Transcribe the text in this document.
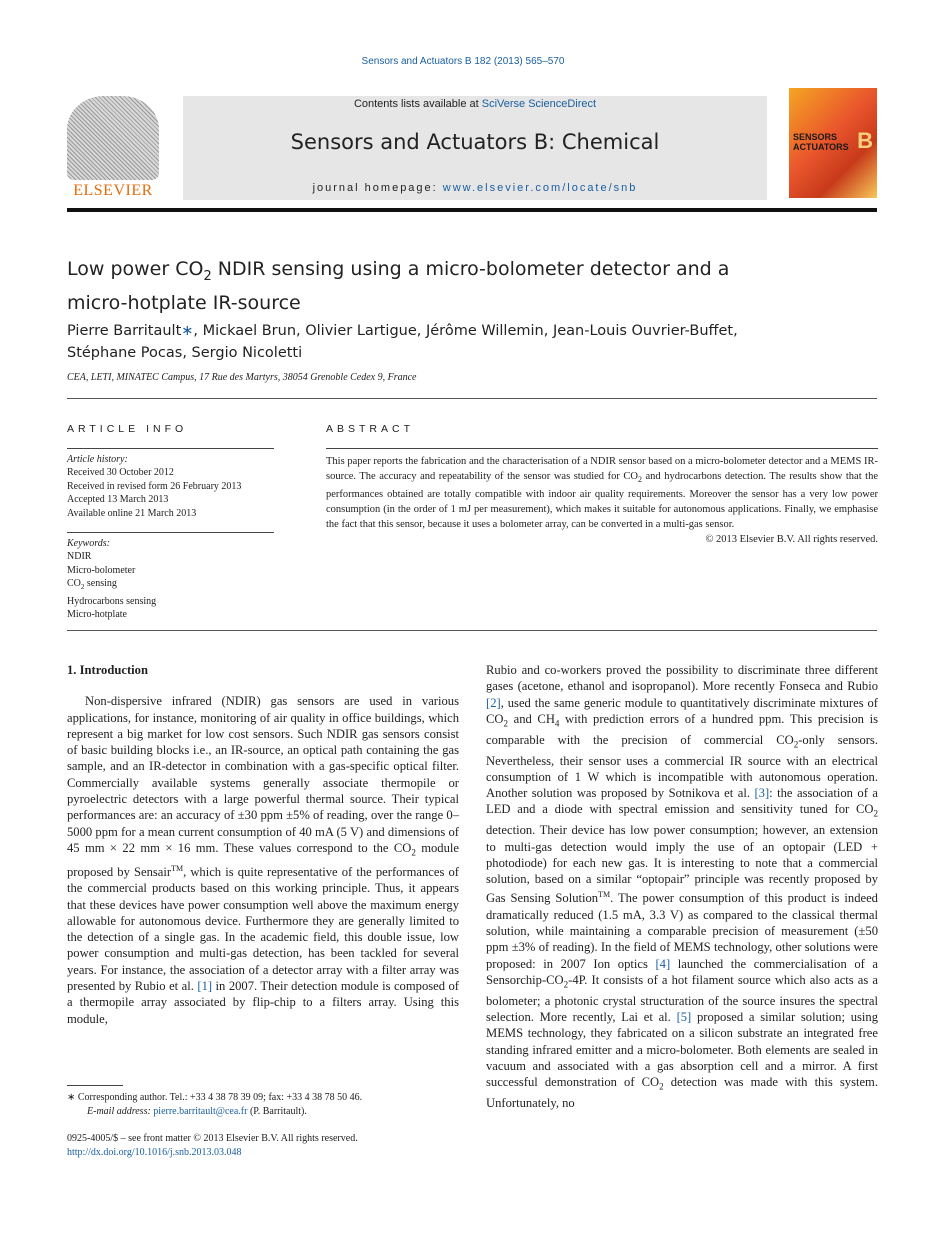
Sensors and Actuators B 182 (2013) 565–570
ELSEVIER
Contents lists available at SciVerse ScienceDirect
Sensors and Actuators B: Chemical
journal homepage: www.elsevier.com/locate/snb
SENSORS
ACTUATORS B
Low power $CO_2$ NDIR sensing using a micro-bolometer detector and a
micro-hotplate IR-source
Pierre Barritault∗, Mickael Brun, Olivier Lartigue, Jérôme Willemin, Jean-Louis Ouvrier-Buffet,
Stéphane Pocas, Sergio Nicoletti
CEA, LETI, MINATEC Campus, 17 Rue des Martyrs, 38054 Grenoble Cedex 9, France
ARTICLE INFO	ABSTRACT
Article history:
Received 30 October 2012
Received in revised form 26 February 2013
Accepted 13 March 2013
Available online 21 March 2013
Keywords:
NDIR
Micro-bolometer
$CO_2$ sensing
Hydrocarbons sensing
Micro-hotplate
This paper reports the fabrication and the characterisation of a NDIR sensor based on a micro-bolometer detector and a MEMS IR-source. The accuracy and repeatability of the sensor was studied for $CO_2$ and hydrocarbons detection. The results show that the performances obtained are totally compatible with indoor air quality requirements. Moreover the sensor has a very low power consumption (in the order of 1 mJ per measurement), which makes it suitable for autonomous applications. Finally, we emphasise the fact that this sensor, because it uses a bolometer array, can be converted in a multi-gas sensor.
© 2013 Elsevier B.V. All rights reserved.

1. Introduction

Non-dispersive infrared (NDIR) gas sensors are used in various applications, for instance, monitoring of air quality in office buildings, which represent a big market for low cost sensors. Such NDIR gas sensors consist of basic building blocks i.e., an IR-source, an optical path containing the gas sample, and an IR-detector in combination with a gas-specific optical filter. Commercially available systems generally associate thermopile or pyroelectric detectors with a large powerful thermal source. Their typical performances are: an accuracy of ±30 ppm ±5% of reading, over the range 0–5000 ppm for a mean current consumption of 40 mA (5 V) and dimensions of 45 mm × 22 mm × 16 mm. These values correspond to the $CO_2$ module proposed by Sensair™, which is quite representative of the performances of the commercial products based on this working principle. Thus, it appears that these devices have power consumption well above the maximum energy allowable for autonomous device. Furthermore they are generally limited to the detection of a single gas. In the academic field, this double issue, low power consumption and multi-gas detection, has been tackled for several years. For instance, the association of a detector array with a filter array was presented by Rubio et al. [1] in 2007. Their detection module is composed of a thermopile array associated by flip-chip to a filters array. Using this module,

Rubio and co-workers proved the possibility to discriminate three different gases (acetone, ethanol and isopropanol). More recently Fonseca and Rubio [2], used the same generic module to quantitatively discriminate mixtures of $CO_2$ and $CH_4$ with prediction errors of a hundred ppm. This precision is comparable with the precision of commercial $CO_2$-only sensors. Nevertheless, their sensor uses a commercial IR source with an electrical consumption of 1 W which is incompatible with autonomous operation. Another solution was proposed by Sotnikova et al. [3]: the association of a LED and a diode with spectral emission and sensitivity tuned for $CO_2$ detection. Their device has low power consumption; however, an extension to multi-gas detection would imply the use of an optopair (LED + photodiode) for each new gas. It is interesting to note that a commercial solution, based on a similar “optopair” principle was recently proposed by Gas Sensing Solution™. The power consumption of this product is indeed dramatically reduced (1.5 mA, 3.3 V) as compared to the classical thermal solution, while maintaining a comparable precision of measurement (±50 ppm ±3% of reading). In the field of MEMS technology, other solutions were proposed: in 2007 Ion optics [4] launched the commercialisation of a Sensorchip-$CO_2-4P$. It consists of a hot filament source which also acts as a bolometer; a photonic crystal structuration of the source insures the spectral selection. More recently, Lai et al. [5] proposed a similar solution; using MEMS technology, they fabricated on a silicon substrate an integrated free standing infrared emitter and a micro-bolometer. Both elements are sealed in vacuum and associated with a gas absorption cell and a mirror. A first successful demonstration of $CO_2$ detection was made with this system. Unfortunately, no

∗ Corresponding author. Tel.: +33 4 38 78 39 09; fax: +33 4 38 78 50 46.
E-mail address: pierre.barritault@cea.fr (P. Barritault).
0925-4005/$ – see front matter © 2013 Elsevier B.V. All rights reserved.
http://dx.doi.org/10.1016/j.snb.2013.03.048
